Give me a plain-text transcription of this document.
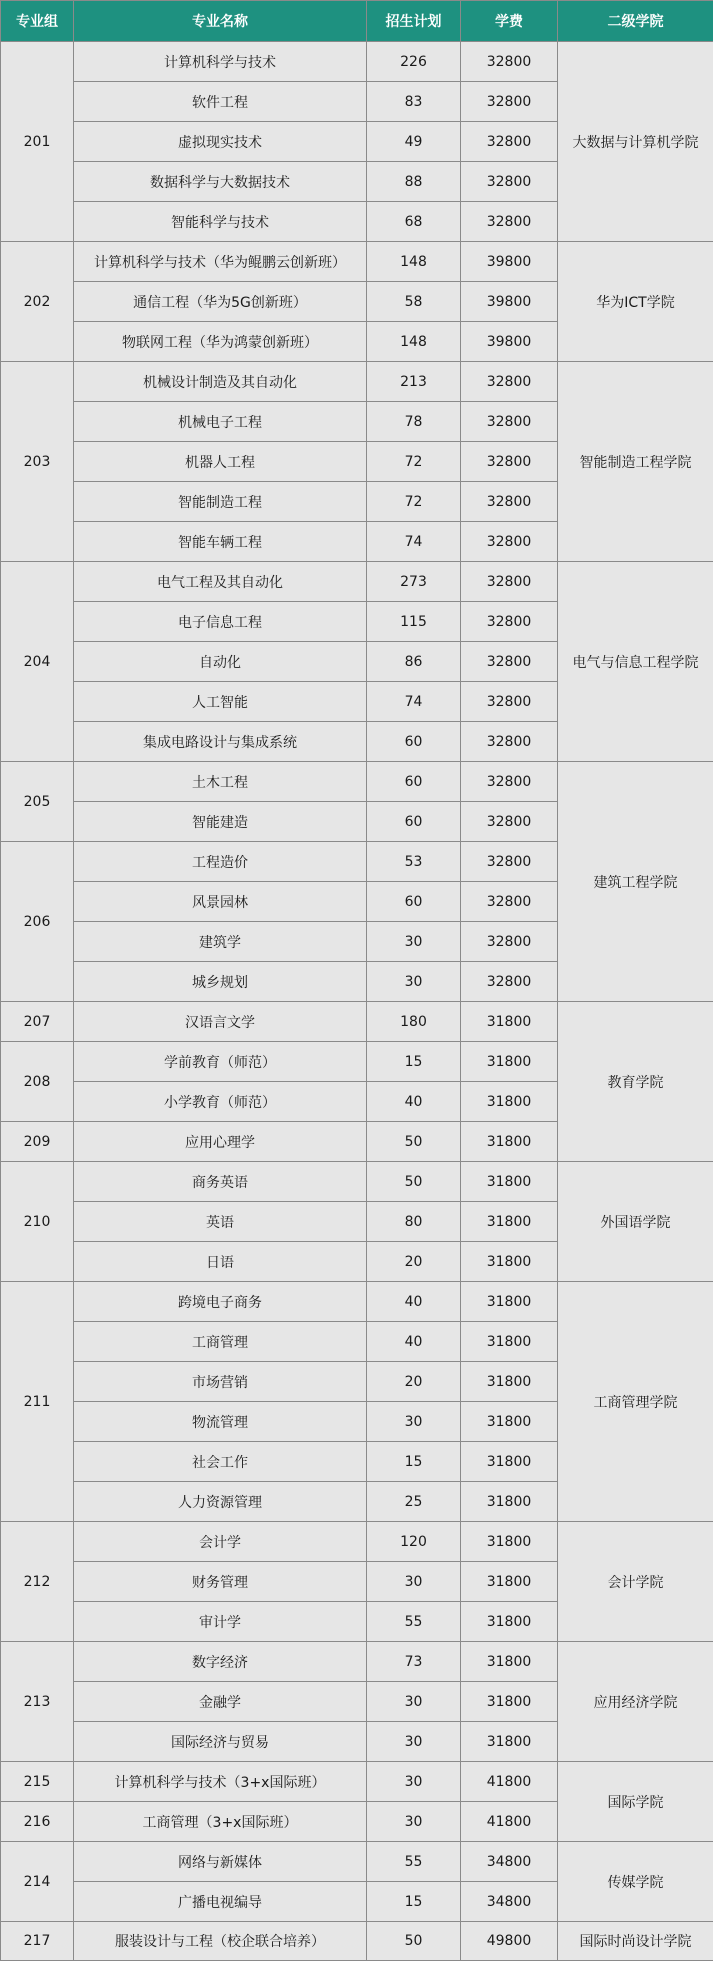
专业组	专业名称	招生计划	学费	二级学院
201	计算机科学与技术	226	32800	大数据与计算机学院
	软件工程	83	32800	
	虚拟现实技术	49	32800	
	数据科学与大数据技术	88	32800	
	智能科学与技术	68	32800	
202	计算机科学与技术（华为鲲鹏云创新班）	148	39800	华为ICT学院
	通信工程（华为5G创新班）	58	39800	
	物联网工程（华为鸿蒙创新班）	148	39800	
203	机械设计制造及其自动化	213	32800	智能制造工程学院
	机械电子工程	78	32800	
	机器人工程	72	32800	
	智能制造工程	72	32800	
	智能车辆工程	74	32800	
204	电气工程及其自动化	273	32800	电气与信息工程学院
	电子信息工程	115	32800	
	自动化	86	32800	
	人工智能	74	32800	
	集成电路设计与集成系统	60	32800	
205	土木工程	60	32800	建筑工程学院
	智能建造	60	32800	
206	工程造价	53	32800	
	风景园林	60	32800	
	建筑学	30	32800	
	城乡规划	30	32800	
207	汉语言文学	180	31800	教育学院
208	学前教育（师范）	15	31800	
	小学教育（师范）	40	31800	
209	应用心理学	50	31800	
210	商务英语	50	31800	外国语学院
	英语	80	31800	
	日语	20	31800	
211	跨境电子商务	40	31800	工商管理学院
	工商管理	40	31800	
	市场营销	20	31800	
	物流管理	30	31800	
	社会工作	15	31800	
	人力资源管理	25	31800	
212	会计学	120	31800	会计学院
	财务管理	30	31800	
	审计学	55	31800	
213	数字经济	73	31800	应用经济学院
	金融学	30	31800	
	国际经济与贸易	30	31800	
215	计算机科学与技术（3+x国际班）	30	41800	国际学院
216	工商管理（3+x国际班）	30	41800	
214	网络与新媒体	55	34800	传媒学院
	广播电视编导	15	34800	
217	服装设计与工程（校企联合培养）	50	49800	国际时尚设计学院
